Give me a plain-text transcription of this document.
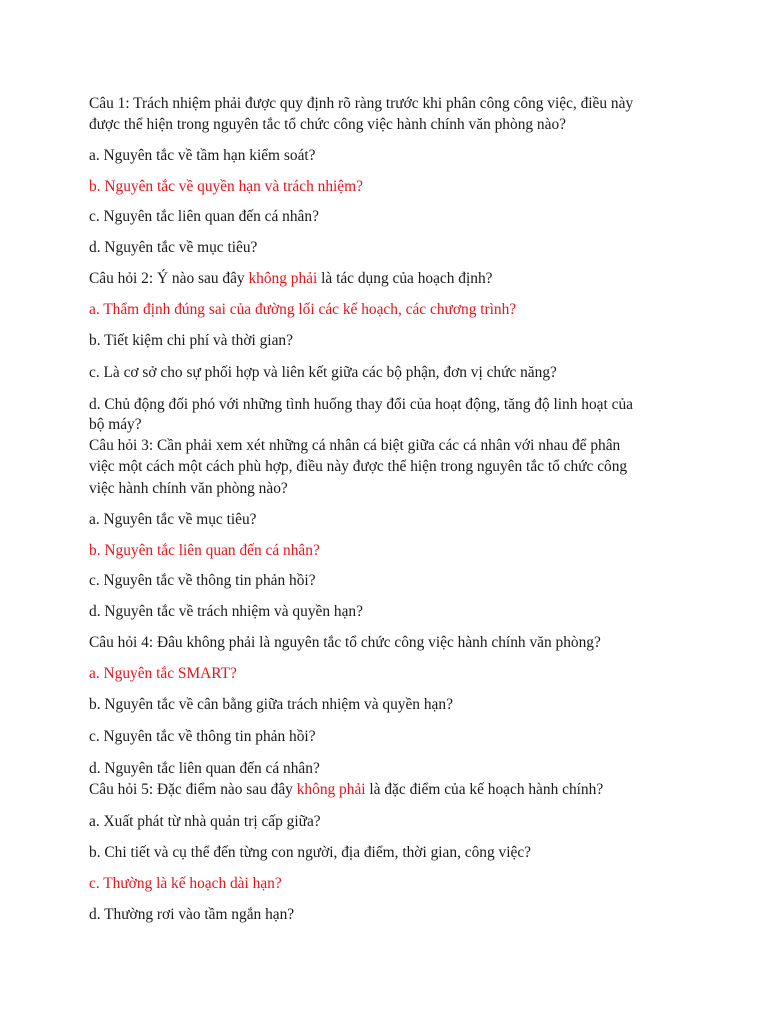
Câu 1: Trách nhiệm phải được quy định rõ ràng trước khi phân công công việc, điều này
được thể hiện trong nguyên tắc tổ chức công việc hành chính văn phòng nào?
a. Nguyên tắc về tầm hạn kiểm soát?
b. Nguyên tắc về quyền hạn và trách nhiệm?
c. Nguyên tắc liên quan đến cá nhân?
d. Nguyên tắc về mục tiêu?
Câu hỏi 2: Ý nào sau đây không phải là tác dụng của hoạch định?
a. Thẩm định đúng sai của đường lối các kế hoạch, các chương trình?
b. Tiết kiệm chi phí và thời gian?
c. Là cơ sở cho sự phối hợp và liên kết giữa các bộ phận, đơn vị chức năng?
d. Chủ động đối phó với những tình huống thay đổi của hoạt động, tăng độ linh hoạt của
bộ máy?
Câu hỏi 3: Cần phải xem xét những cá nhân cá biệt giữa các cá nhân với nhau để phân
việc một cách một cách phù hợp, điều này được thể hiện trong nguyên tắc tổ chức công
việc hành chính văn phòng nào?
a. Nguyên tắc về mục tiêu?
b. Nguyên tắc liên quan đến cá nhân?
c. Nguyên tắc về thông tin phản hồi?
d. Nguyên tắc về trách nhiệm và quyền hạn?
Câu hỏi 4: Đâu không phải là nguyên tắc tổ chức công việc hành chính văn phòng?
a. Nguyên tắc SMART?
b. Nguyên tắc về cân bằng giữa trách nhiệm và quyền hạn?
c. Nguyên tắc về thông tin phản hồi?
d. Nguyên tắc liên quan đến cá nhân?
Câu hỏi 5: Đặc điểm nào sau đây không phải là đặc điểm của kế hoạch hành chính?
a. Xuất phát từ nhà quản trị cấp giữa?
b. Chi tiết và cụ thể đến từng con người, địa điểm, thời gian, công việc?
c. Thường là kế hoạch dài hạn?
d. Thường rơi vào tầm ngắn hạn?
